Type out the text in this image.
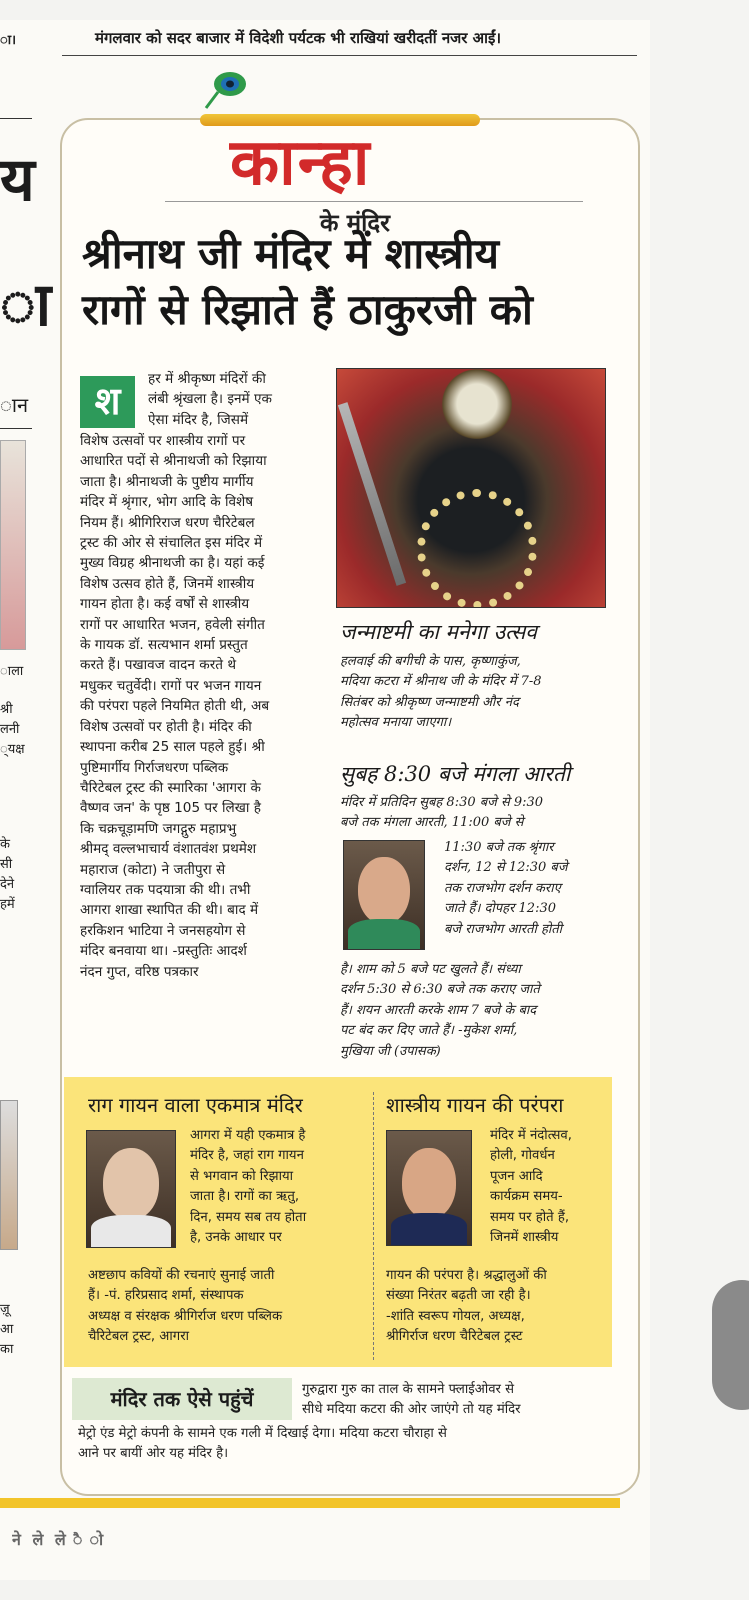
ा।	मंगलवार को सदर बाजार में विदेशी पर्यटक भी राखियां खरीदतीं नजर आईं।
य
ा
ान
ाला
श्री
लनी
्यक्ष
के
सी
देने
हमें
ज़ू
आ
का
कान्हा
के मंदिर
श्रीनाथ जी मंदिर में शास्त्रीय
रागों से रिझाते हैं ठाकुरजी को
श	हर में श्रीकृष्ण मंदिरों की
लंबी श्रृंखला है। इनमें एक
ऐसा मंदिर है, जिसमें
विशेष उत्सवों पर शास्त्रीय रागों पर
आधारित पदों से श्रीनाथजी को रिझाया
जाता है। श्रीनाथजी के पुष्टीय मार्गीय
मंदिर में श्रृंगार, भोग आदि के विशेष
नियम हैं। श्रीगिरिराज धरण चैरिटेबल
ट्रस्ट की ओर से संचालित इस मंदिर में
मुख्य विग्रह श्रीनाथजी का है। यहां कई
विशेष उत्सव होते हैं, जिनमें शास्त्रीय
गायन होता है। कई वर्षों से शास्त्रीय
रागों पर आधारित भजन, हवेली संगीत
के गायक डॉ. सत्यभान शर्मा प्रस्तुत
करते हैं। पखावज वादन करते थे
मधुकर चतुर्वेदी। रागों पर भजन गायन
की परंपरा पहले नियमित होती थी, अब
विशेष उत्सवों पर होती है। मंदिर की
स्थापना करीब 25 साल पहले हुई। श्री
पुष्टिमार्गीय गिर्राजधरण पब्लिक
चैरिटेबल ट्रस्ट की स्मारिका 'आगरा के
वैष्णव जन' के पृष्ठ 105 पर लिखा है
कि चक्रचूड़ामणि जगद्गुरु महाप्रभु
श्रीमद् वल्लभाचार्य वंशातवंश प्रथमेश
महाराज (कोटा) ने जतीपुरा से
ग्वालियर तक पदयात्रा की थी। तभी
आगरा शाखा स्थापित की थी। बाद में
हरकिशन भाटिया ने जनसहयोग से
मंदिर बनवाया था। -प्रस्तुतिः आदर्श
नंदन गुप्त, वरिष्ठ पत्रकार
जन्माष्टमी का मनेगा उत्सव
हलवाई की बगीची के पास, कृष्णाकुंज,
मदिया कटरा में श्रीनाथ जी के मंदिर में 7-8
सितंबर को श्रीकृष्ण जन्माष्टमी और नंद
महोत्सव मनाया जाएगा।
सुबह 8:30 बजे मंगला आरती
मंदिर में प्रतिदिन सुबह 8:30 बजे से 9:30
बजे तक मंगला आरती, 11:00 बजे से
11:30 बजे तक श्रृंगार
दर्शन, 12 से 12:30 बजे
तक राजभोग दर्शन कराए
जाते हैं। दोपहर 12:30
बजे राजभोग आरती होती
है। शाम को 5 बजे पट खुलते हैं। संध्या
दर्शन 5:30 से 6:30 बजे तक कराए जाते
हैं। शयन आरती करके शाम 7 बजे के बाद
पट बंद कर दिए जाते हैं। -मुकेश शर्मा,
मुखिया जी (उपासक)
राग गायन वाला एकमात्र मंदिर
आगरा में यही एकमात्र है
मंदिर है, जहां राग गायन
से भगवान को रिझाया
जाता है। रागों का ऋतु,
दिन, समय सब तय होता
है, उनके आधार पर
अष्टछाप कवियों की रचनाएं सुनाई जाती
हैं। -पं. हरिप्रसाद शर्मा, संस्थापक
अध्यक्ष व संरक्षक श्रीगिर्राज धरण पब्लिक
चैरिटेबल ट्रस्ट, आगरा
शास्त्रीय गायन की परंपरा
मंदिर में नंदोत्सव,
होली, गोवर्धन
पूजन आदि
कार्यक्रम समय-
समय पर होते हैं,
जिनमें शास्त्रीय
गायन की परंपरा है। श्रद्धालुओं की
संख्या निरंतर बढ़ती जा रही है।
-शांति स्वरूप गोयल, अध्यक्ष,
श्रीगिर्राज धरण चैरिटेबल ट्रस्ट
मंदिर तक ऐसे पहुंचें	गुरुद्वारा गुरु का ताल के सामने फ्लाईओवर से
सीधे मदिया कटरा की ओर जाएंगे तो यह मंदिर
मेट्रो एंड मेट्रो कंपनी के सामने एक गली में दिखाई देगा। मदिया कटरा चौराहा से
आने पर बायीं ओर यह मंदिर है।
ने ले ले ै ो
